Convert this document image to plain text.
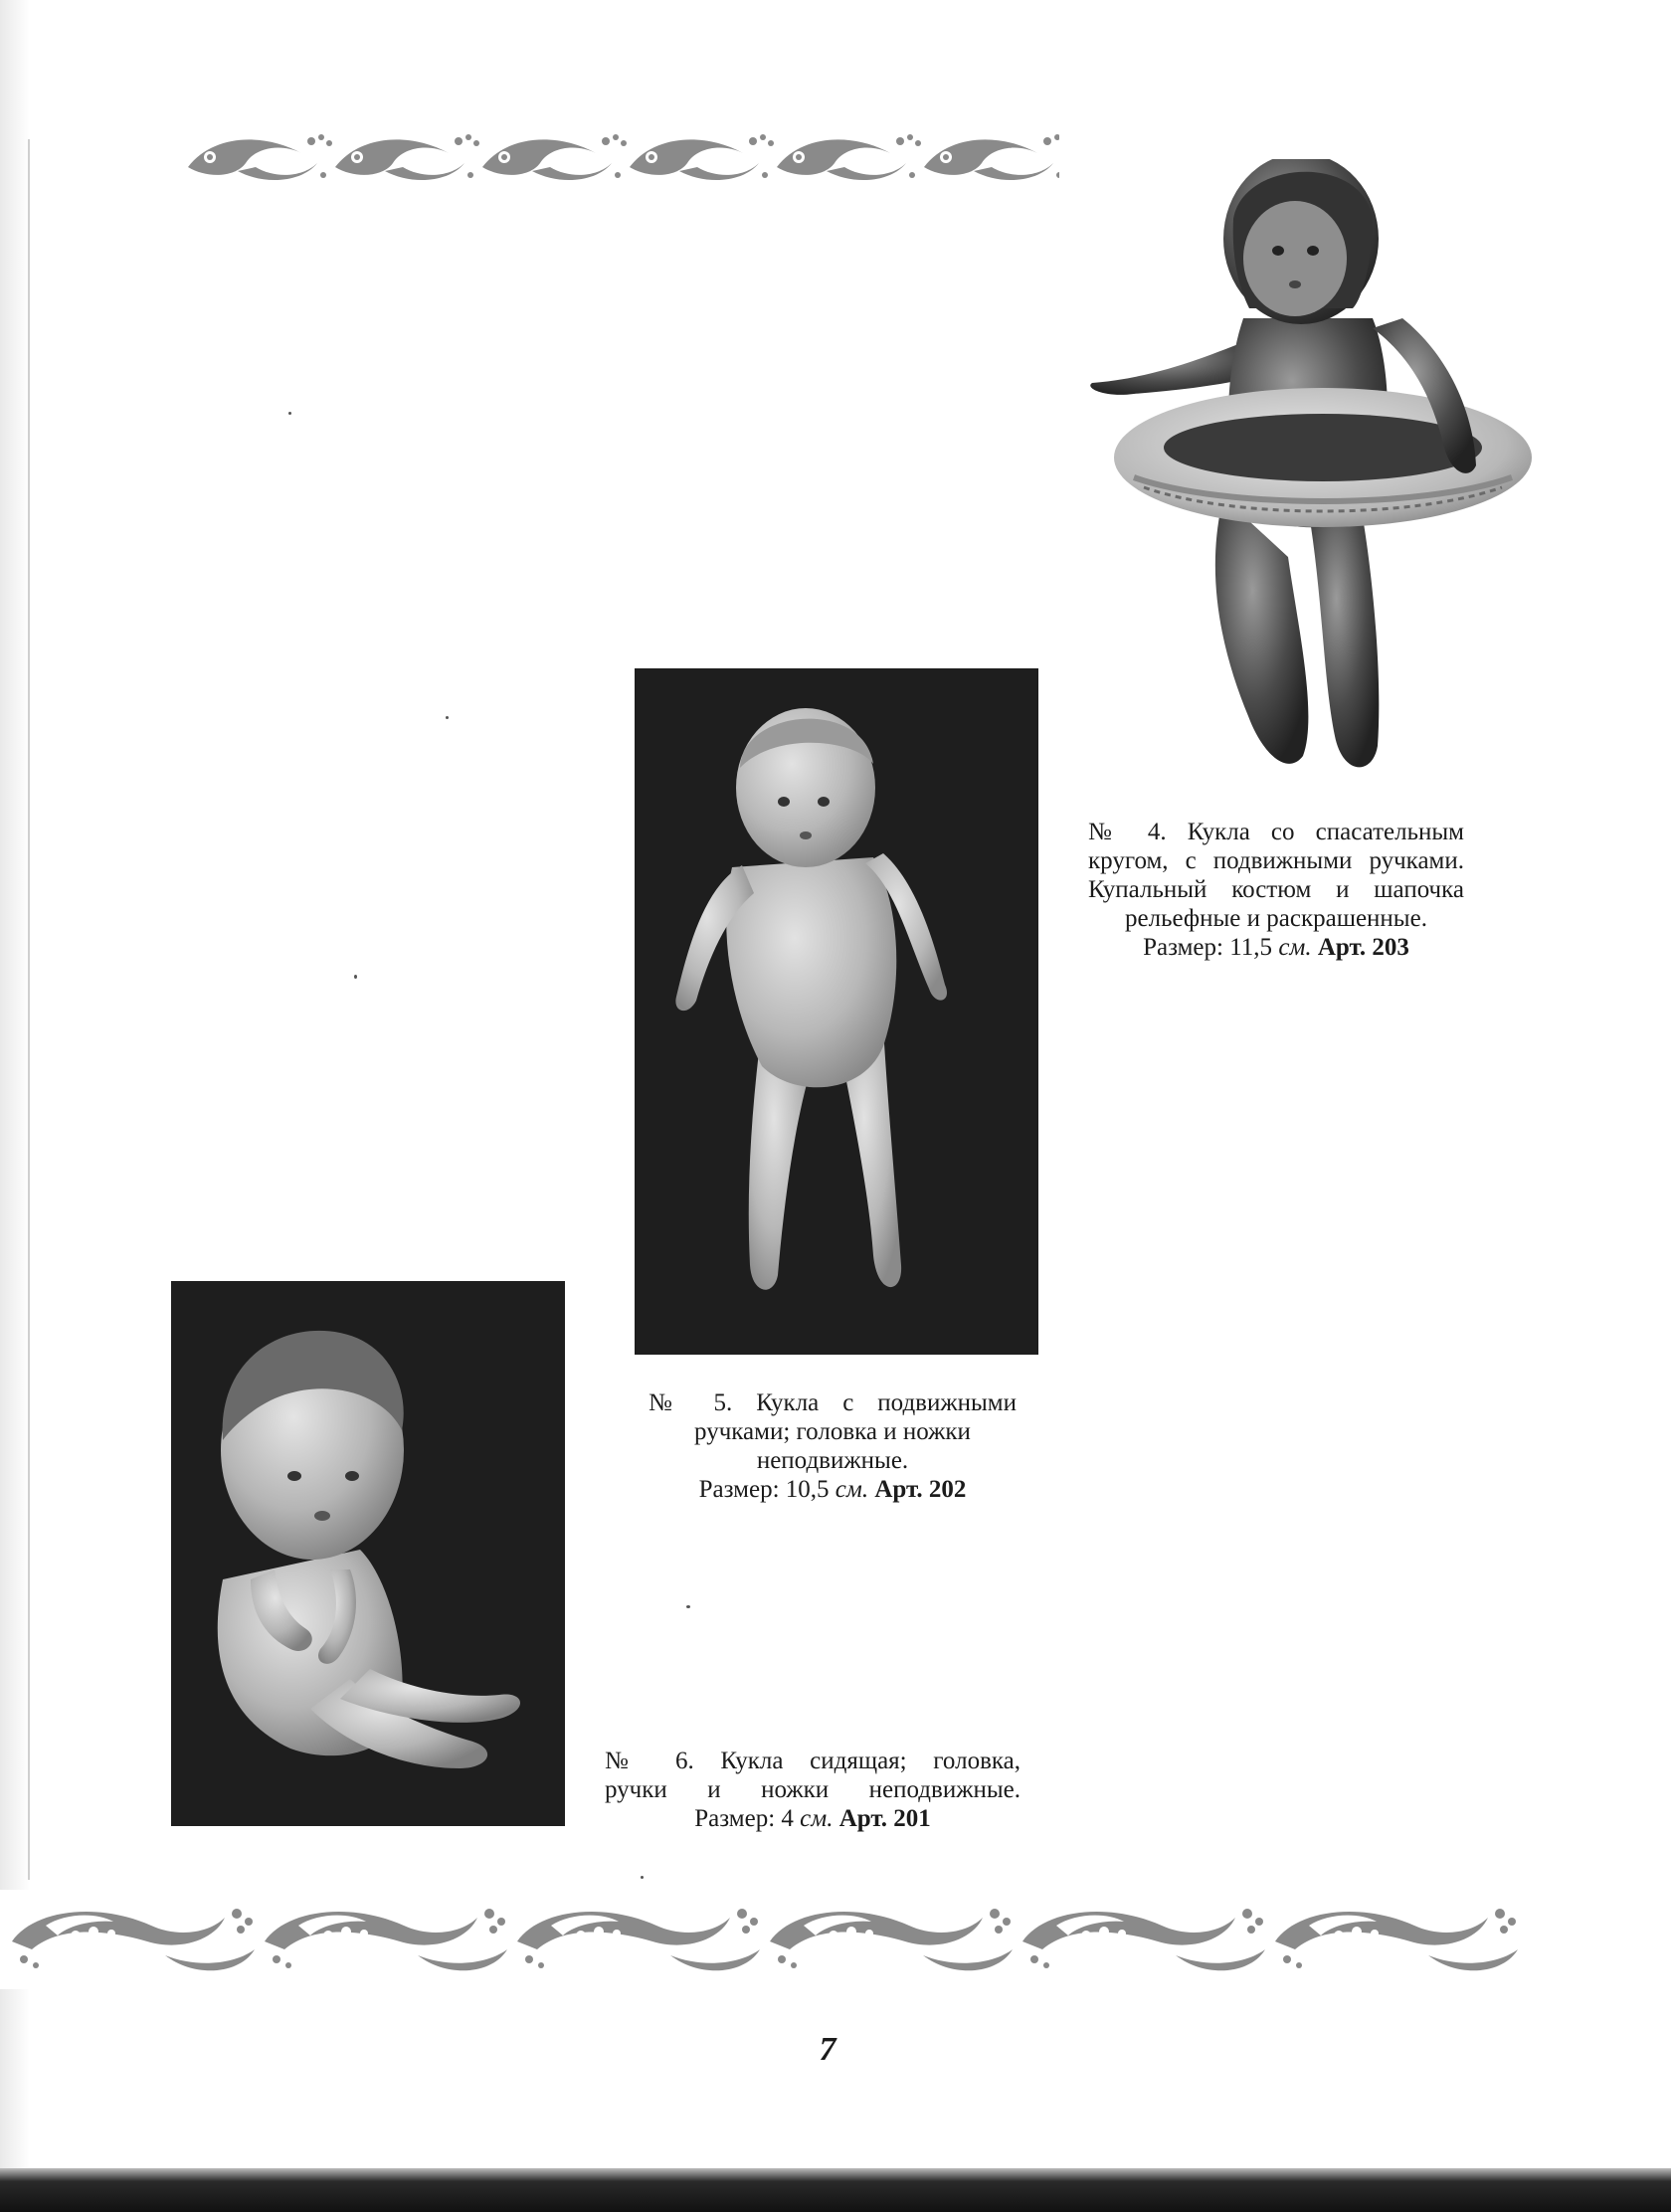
№ 4. Кукла со спасательным
кругом, с подвижными ручками.
Купальный костюм и шапочка
рельефные и раскрашенные.
Размер: 11,5 см. Арт. 203
№ 5. Кукла с подвижными
ручками; головка и ножки
неподвижные.
Размер: 10,5 см. Арт. 202
№ 6. Кукла сидящая; головка,
ручки и ножки неподвижные.
Размер: 4 см. Арт. 201
7
